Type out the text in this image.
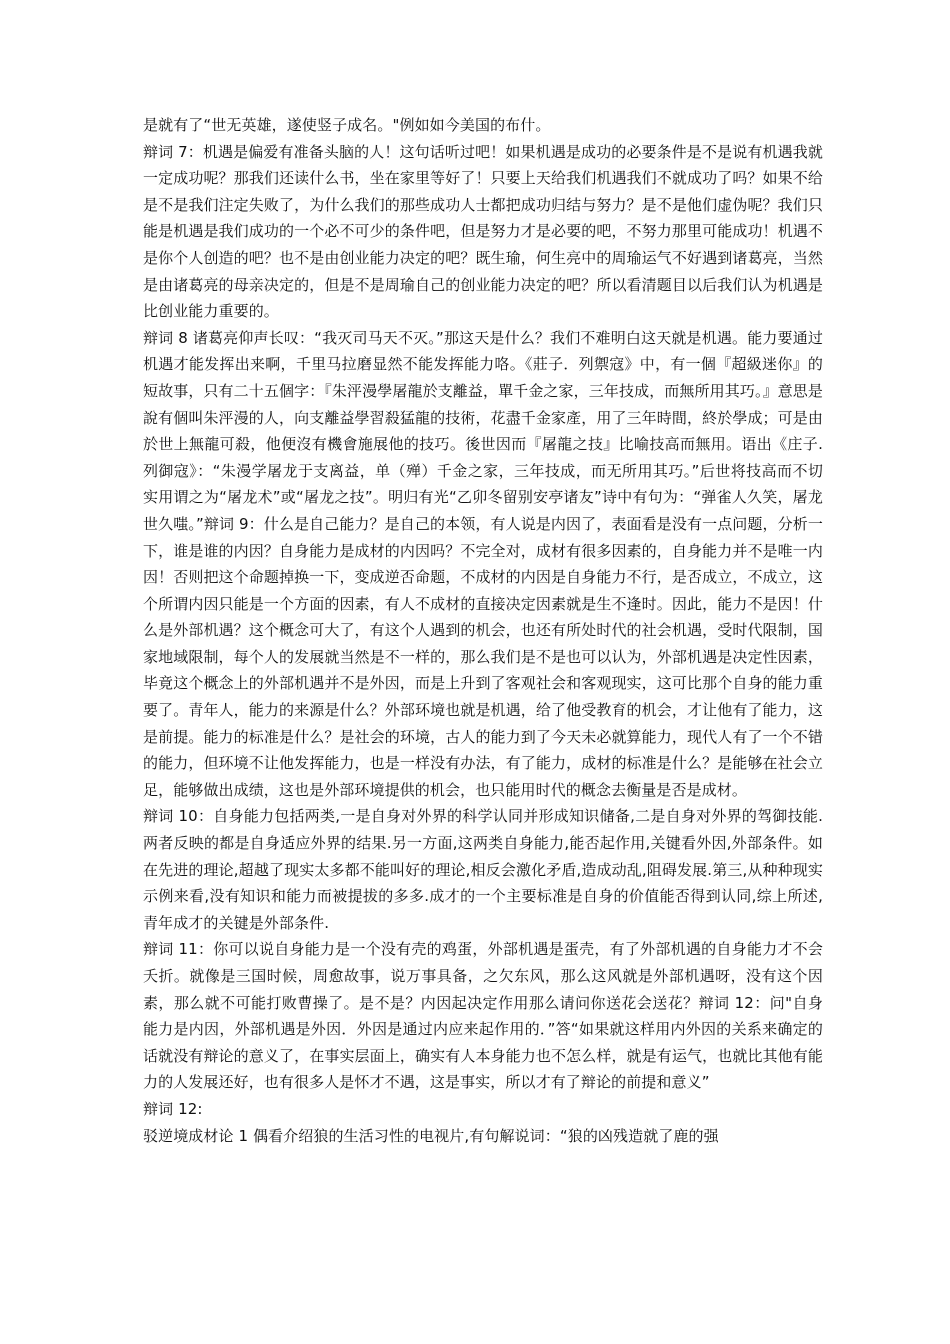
是就有了“世无英雄，遂使竖子成名。"例如如今美国的布什。

辩词 7：机遇是偏爱有准备头脑的人！这句话听过吧！如果机遇是成功的必要条件是不是说有机遇我就一定成功呢？那我们还读什么书，坐在家里等好了！只要上天给我们机遇我们不就成功了吗？如果不给是不是我们注定失败了，为什么我们的那些成功人士都把成功归结与努力？是不是他们虚伪呢？我们只能是机遇是我们成功的一个必不可少的条件吧，但是努力才是必要的吧，不努力那里可能成功！机遇不是你个人创造的吧？也不是由创业能力决定的吧？既生瑜，何生亮中的周瑜运气不好遇到诸葛亮，当然是由诸葛亮的母亲决定的，但是不是周瑜自己的创业能力决定的吧？所以看清题目以后我们认为机遇是比创业能力重要的。

辩词 8 诸葛亮仰声长叹：“我灭司马天不灭。”那这天是什么？我们不难明白这天就是机遇。能力要通过机遇才能发挥出来啊，千里马拉磨显然不能发挥能力咯。《莊子．列禦寇》中，有一個『超級迷你』的短故事，只有二十五個字：『朱泙漫學屠龍於支離益，單千金之家，三年技成，而無所用其巧。』意思是說有個叫朱泙漫的人，向支離益學習殺猛龍的技術，花盡千金家產，用了三年時間，終於學成；可是由於世上無龍可殺，他便沒有機會施展他的技巧。後世因而『屠龍之技』比喻技高而無用。语出《庄子.列御寇》：“朱漫学屠龙于支离益，单（殚）千金之家，三年技成，而无所用其巧。”后世将技高而不切实用谓之为“屠龙术”或“屠龙之技”。明归有光“乙卯冬留别安亭诸友”诗中有句为：“弹雀人久笑，屠龙世久嗤。”辩词 9：什么是自己能力？是自己的本领，有人说是内因了，表面看是没有一点问题，分析一下，谁是谁的内因？自身能力是成材的内因吗？不完全对，成材有很多因素的，自身能力并不是唯一内因！否则把这个命题掉换一下，变成逆否命题，不成材的内因是自身能力不行，是否成立，不成立，这个所谓内因只能是一个方面的因素，有人不成材的直接决定因素就是生不逢时。因此，能力不是因！什么是外部机遇？这个概念可大了，有这个人遇到的机会，也还有所处时代的社会机遇，受时代限制，国家地域限制，每个人的发展就当然是不一样的，那么我们是不是也可以认为，外部机遇是决定性因素，毕竟这个概念上的外部机遇并不是外因，而是上升到了客观社会和客观现实，这可比那个自身的能力重要了。青年人，能力的来源是什么？外部环境也就是机遇，给了他受教育的机会，才让他有了能力，这是前提。能力的标准是什么？是社会的环境，古人的能力到了今天未必就算能力，现代人有了一个不错的能力，但环境不让他发挥能力，也是一样没有办法，有了能力，成材的标准是什么？是能够在社会立足，能够做出成绩，这也是外部环境提供的机会，也只能用时代的概念去衡量是否是成材。

辩词 10：自身能力包括两类,一是自身对外界的科学认同并形成知识储备,二是自身对外界的驾御技能.两者反映的都是自身适应外界的结果.另一方面,这两类自身能力,能否起作用,关键看外因,外部条件。如在先进的理论,超越了现实太多都不能叫好的理论,相反会激化矛盾,造成动乱,阻碍发展.第三,从种种现实示例来看,没有知识和能力而被提拔的多多.成才的一个主要标准是自身的价值能否得到认同,综上所述,青年成才的关键是外部条件.

辩词 11：你可以说自身能力是一个没有壳的鸡蛋，外部机遇是蛋壳，有了外部机遇的自身能力才不会夭折。就像是三国时候，周愈故事，说万事具备，之欠东风，那么这风就是外部机遇呀，没有这个因素，那么就不可能打败曹操了。是不是？内因起决定作用那么请问你送花会送花？辩词 12：问"自身能力是内因，外部机遇是外因．外因是通过内应来起作用的．”答“如果就这样用内外因的关系来确定的话就没有辩论的意义了，在事实层面上，确实有人本身能力也不怎么样，就是有运气，也就比其他有能力的人发展还好，也有很多人是怀才不遇，这是事实，所以才有了辩论的前提和意义”

辩词 12:

驳逆境成材论 1 偶看介绍狼的生活习性的电视片,有句解说词：“狼的凶残造就了鹿的强
